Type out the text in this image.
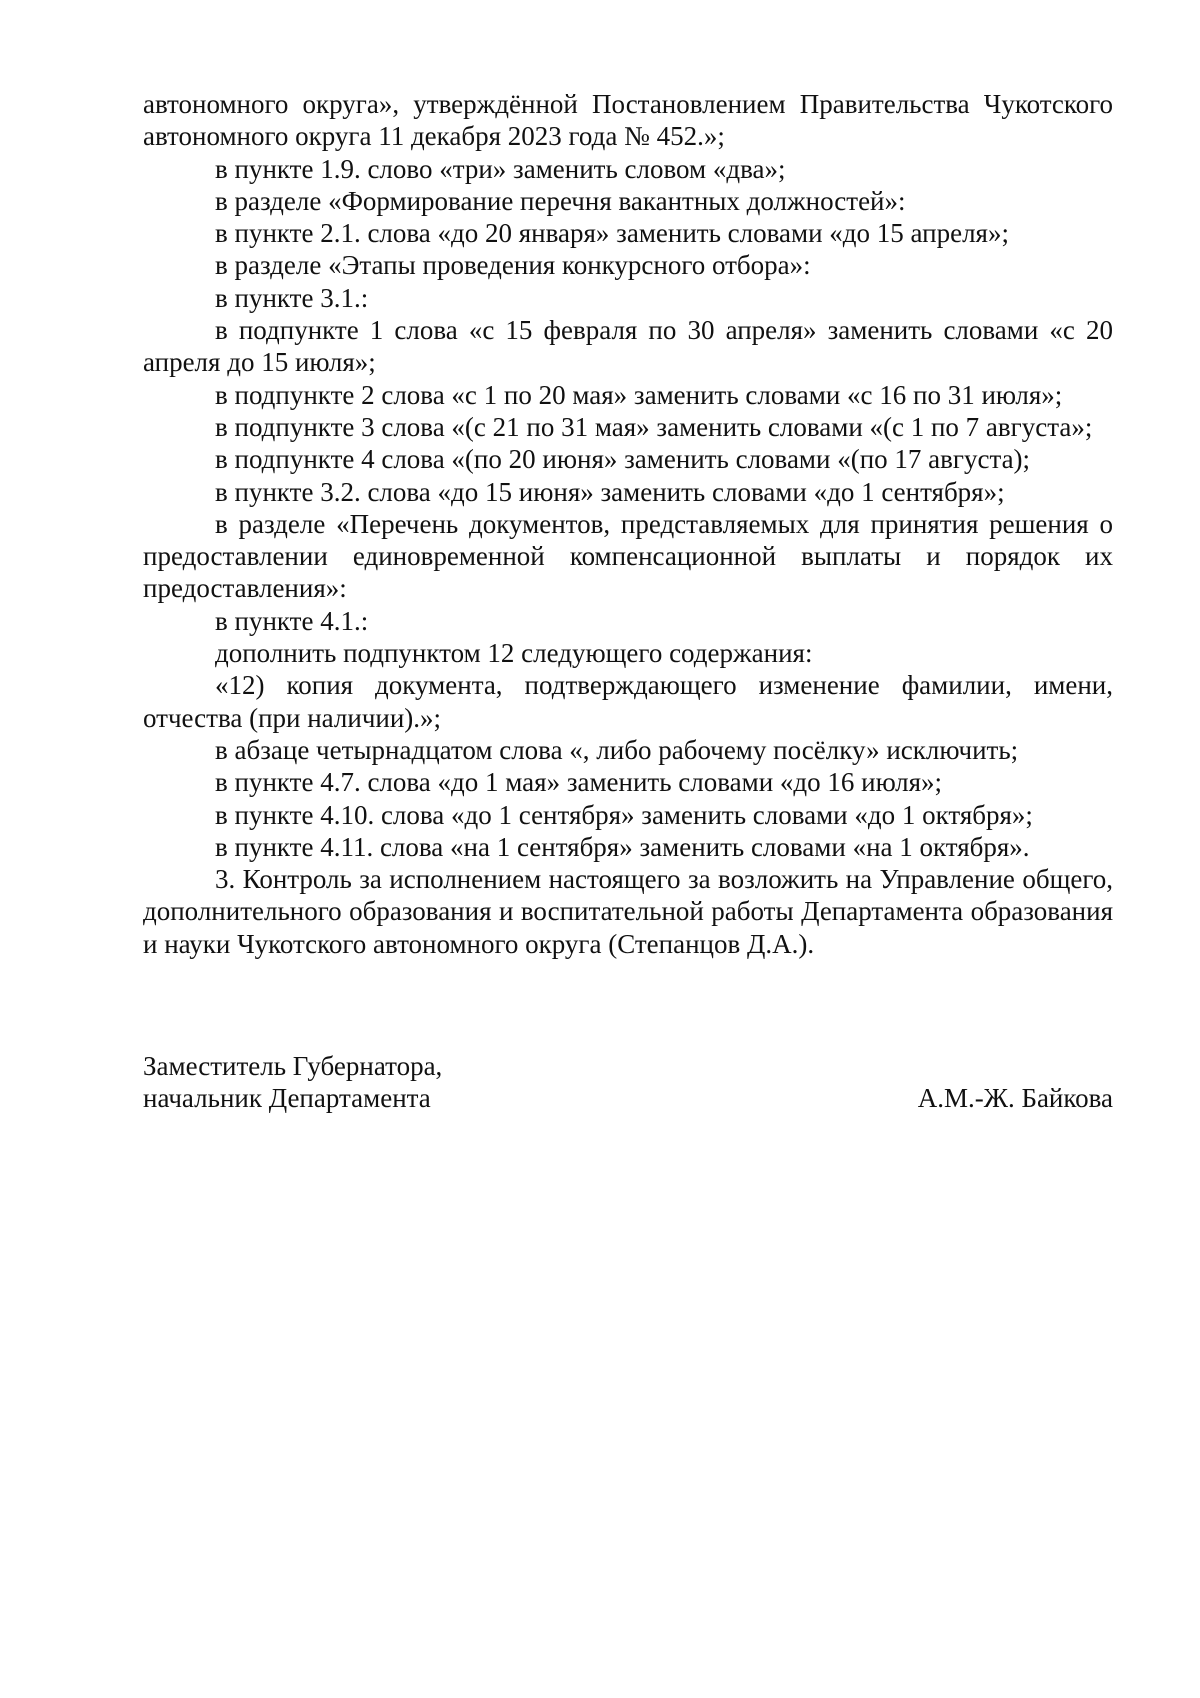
автономного округа», утверждённой Постановлением Правительства Чукотского автономного округа 11 декабря 2023 года № 452.»;

в пункте 1.9. слово «три» заменить словом «два»;

в разделе «Формирование перечня вакантных должностей»:

в пункте 2.1. слова «до 20 января» заменить словами «до 15 апреля»;

в разделе «Этапы проведения конкурсного отбора»:

в пункте 3.1.:

в подпункте 1 слова «с 15 февраля по 30 апреля» заменить словами «с 20 апреля до 15 июля»;

в подпункте 2 слова «с 1 по 20 мая» заменить словами «с 16 по 31 июля»;

в подпункте 3 слова «(с 21 по 31 мая» заменить словами «(с 1 по 7 августа»;

в подпункте 4 слова «(по 20 июня» заменить словами «(по 17 августа);

в пункте 3.2. слова «до 15 июня» заменить словами «до 1 сентября»;

в разделе «Перечень документов, представляемых для принятия решения о предоставлении единовременной компенсационной выплаты и порядок их предоставления»:

в пункте 4.1.:

дополнить подпунктом 12 следующего содержания:

«12) копия документа, подтверждающего изменение фамилии, имени, отчества (при наличии).»;

в абзаце четырнадцатом слова «, либо рабочему посёлку» исключить;

в пункте 4.7. слова «до 1 мая» заменить словами «до 16 июля»;

в пункте 4.10. слова «до 1 сентября» заменить словами «до 1 октября»;

в пункте 4.11. слова «на 1 сентября» заменить словами «на 1 октября».

3. Контроль за исполнением настоящего за возложить на Управление общего, дополнительного образования и воспитательной работы Департамента образования и науки Чукотского автономного округа (Степанцов Д.А.).

Заместитель Губернатора,
начальник Департамента	А.М.-Ж. Байкова
